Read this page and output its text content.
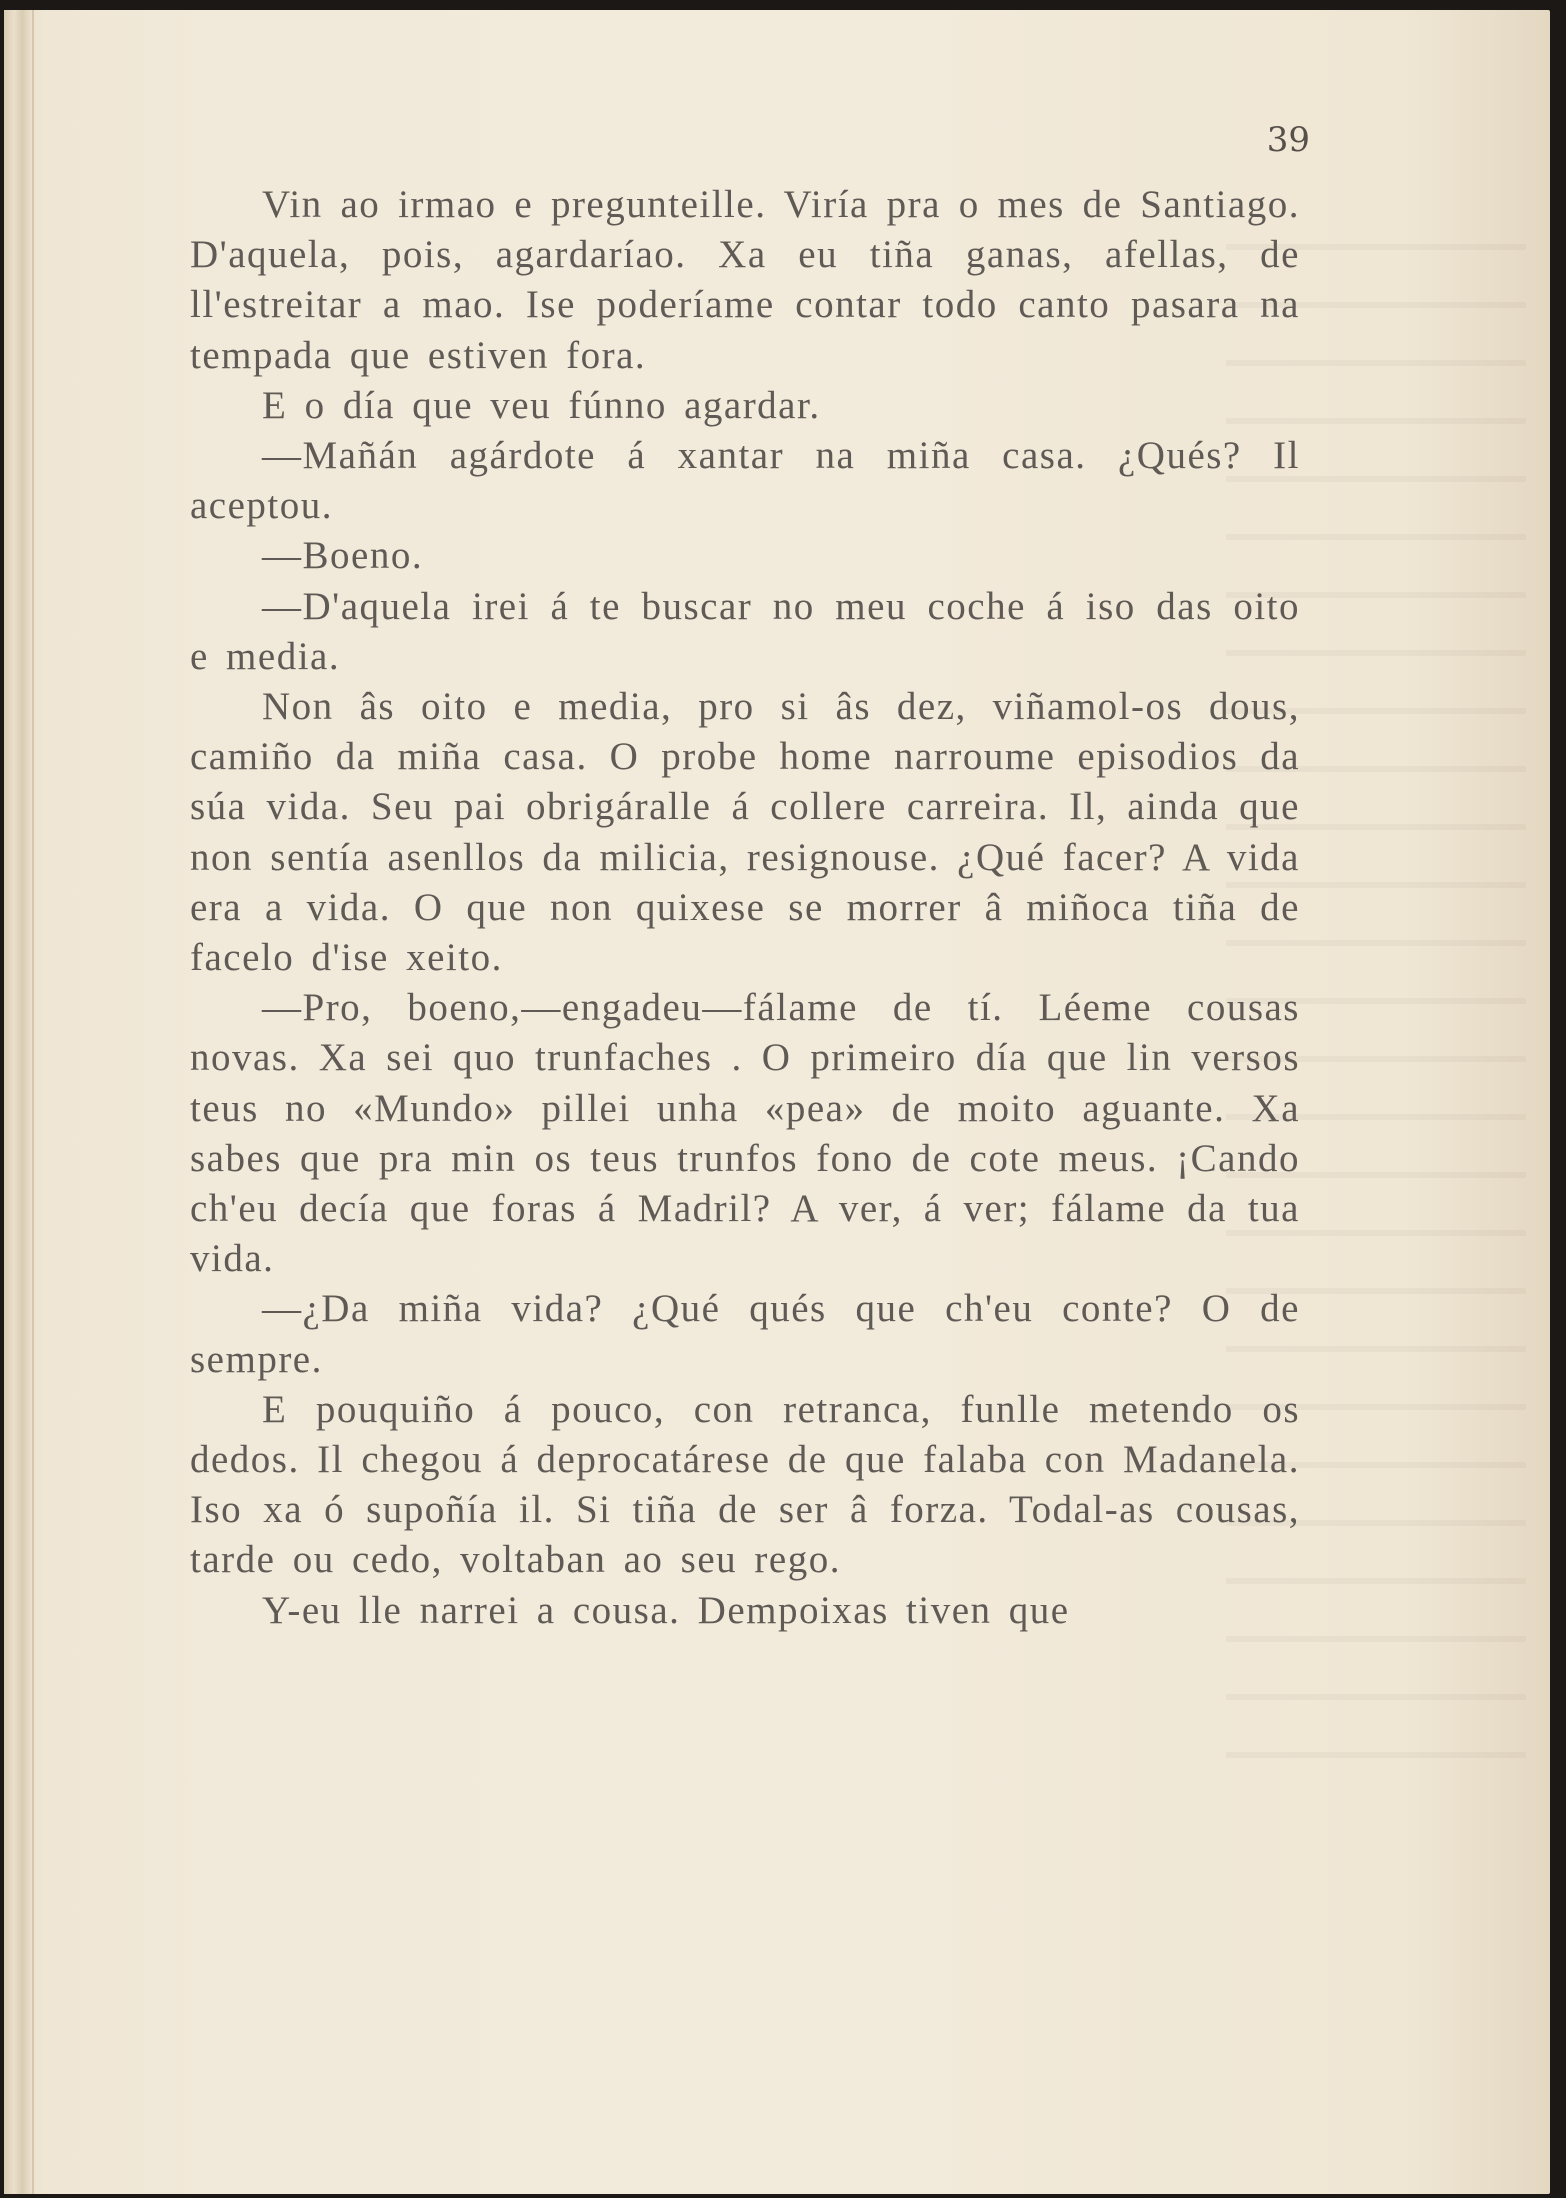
39

Vin ao irmao e pregunteille. Viría pra o mes de Santiago. D'aquela, pois, agardaríao. Xa eu tiña ganas, afellas, de ll'estreitar a mao. Ise poderíame contar todo canto pasara na tempada que estiven fora.

E o día que veu fúnno agardar.

—Mañán agárdote á xantar na miña casa. ¿Qués? Il aceptou.

—Boeno.

—D'aquela irei á te buscar no meu coche á iso das oito e media.

Non âs oito e media, pro si âs dez, viñamol-os dous, camiño da miña casa. O probe home narroume episodios da súa vida. Seu pai obrigáralle á collere carreira. Il, ainda que non sentía asenllos da milicia, resignouse. ¿Qué facer? A vida era a vida. O que non quixese se morrer â miñoca tiña de facelo d'ise xeito.

—Pro, boeno,—engadeu—fálame de tí. Léeme cousas novas. Xa sei quo trunfaches . O primeiro día que lin versos teus no «Mundo» pillei unha «pea» de moito aguante. Xa sabes que pra min os teus trunfos fono de cote meus. ¡Cando ch'eu decía que foras á Madril? A ver, á ver; fálame da tua vida.

—¿Da miña vida? ¿Qué qués que ch'eu conte? O de sempre.

E pouquiño á pouco, con retranca, funlle metendo os dedos. Il chegou á deprocatárese de que falaba con Madanela. Iso xa ó supoñía il. Si tiña de ser â forza. Todal-as cousas, tarde ou cedo, voltaban ao seu rego.

Y-eu lle narrei a cousa. Dempoixas tiven que
